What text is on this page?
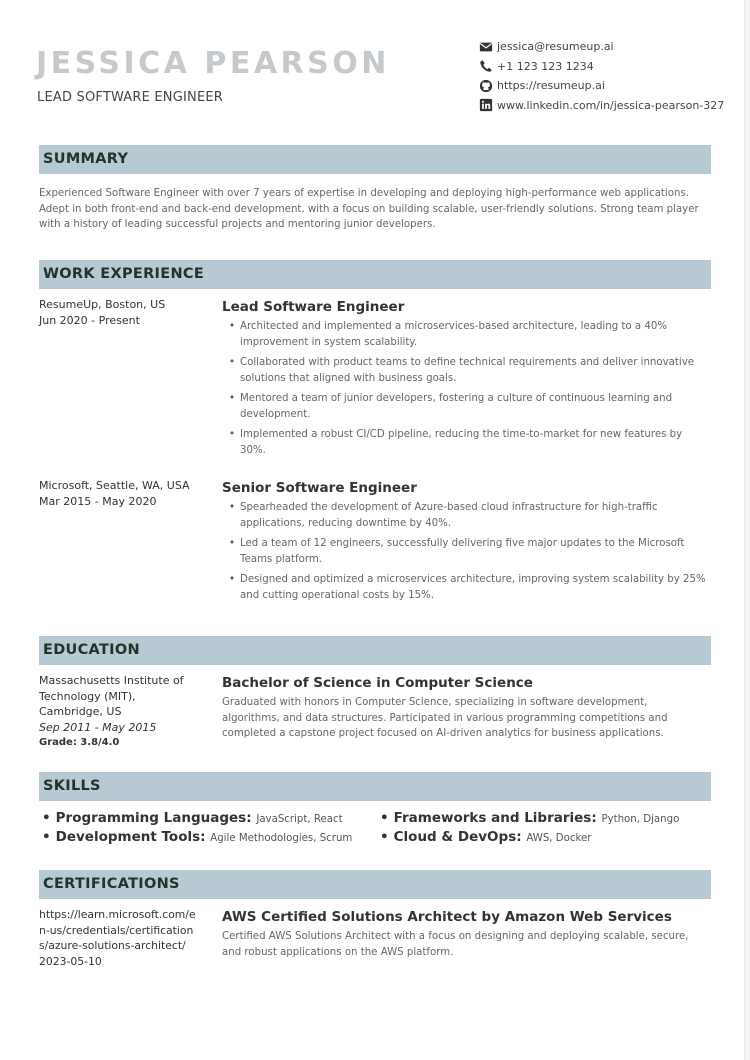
JESSICA PEARSON
LEAD SOFTWARE ENGINEER
jessica@resumeup.ai
+1 123 123 1234
https://resumeup.ai
www.linkedin.com/in/jessica-pearson-327
SUMMARY
Experienced Software Engineer with over 7 years of expertise in developing and deploying high-performance web applications. Adept in both front-end and back-end development, with a focus on building scalable, user-friendly solutions. Strong team player with a history of leading successful projects and mentoring junior developers.
WORK EXPERIENCE
ResumeUp, Boston, US
Jun 2020 - Present
Lead Software Engineer
• Architected and implemented a microservices-based architecture, leading to a 40% improvement in system scalability.
• Collaborated with product teams to define technical requirements and deliver innovative solutions that aligned with business goals.
• Mentored a team of junior developers, fostering a culture of continuous learning and development.
• Implemented a robust CI/CD pipeline, reducing the time-to-market for new features by 30%.
Microsoft, Seattle, WA, USA
Mar 2015 - May 2020
Senior Software Engineer
• Spearheaded the development of Azure-based cloud infrastructure for high-traffic applications, reducing downtime by 40%.
• Led a team of 12 engineers, successfully delivering five major updates to the Microsoft Teams platform.
• Designed and optimized a microservices architecture, improving system scalability by 25% and cutting operational costs by 15%.
EDUCATION
Massachusetts Institute of
Technology (MIT),
Cambridge, US
Sep 2011 - May 2015
Grade: 3.8/4.0
Bachelor of Science in Computer Science
Graduated with honors in Computer Science, specializing in software development, algorithms, and data structures. Participated in various programming competitions and completed a capstone project focused on AI-driven analytics for business applications.
SKILLS
• Programming Languages: JavaScript, React	• Frameworks and Libraries: Python, Django
• Development Tools: Agile Methodologies, Scrum • Cloud & DevOps: AWS, Docker
CERTIFICATIONS
https://learn.microsoft.com/e
n-us/credentials/certification
s/azure-solutions-architect/
2023-05-10
AWS Certified Solutions Architect by Amazon Web Services
Certified AWS Solutions Architect with a focus on designing and deploying scalable, secure, and robust applications on the AWS platform.
